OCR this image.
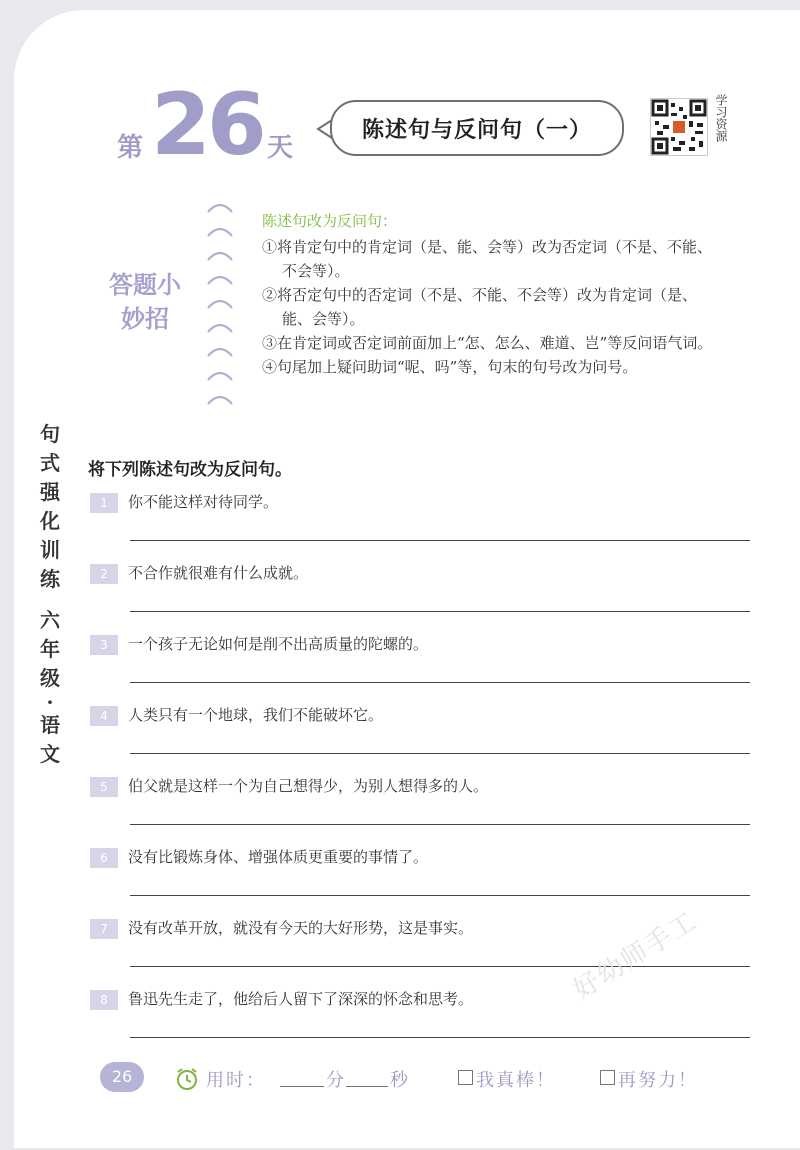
第 26 天
陈述句与反问句（一）	学习资源
答题小妙招
陈述句改为反问句：
①将肯定句中的肯定词（是、能、会等）改为否定词（不是、不能、不会等）。
②将否定句中的否定词（不是、不能、不会等）改为肯定词（是、能、会等）。
③在肯定词或否定词前面加上“怎、怎么、难道、岂”等反问语气词。
④句尾加上疑问助词“呢、吗”等，句末的句号改为问号。
句式强化训练
六年级
·
语文
将下列陈述句改为反问句。
1	你不能这样对待同学。
2	不合作就很难有什么成就。
3	一个孩子无论如何是削不出高质量的陀螺的。
4	人类只有一个地球，我们不能破坏它。
5	伯父就是这样一个为自己想得少，为别人想得多的人。
6	没有比锻炼身体、增强体质更重要的事情了。
7	没有改革开放，就没有今天的大好形势，这是事实。
8	鲁迅先生走了，他给后人留下了深深的怀念和思考。	好幼师手工
26	用时：	分 秒	我真棒！	再努力！
